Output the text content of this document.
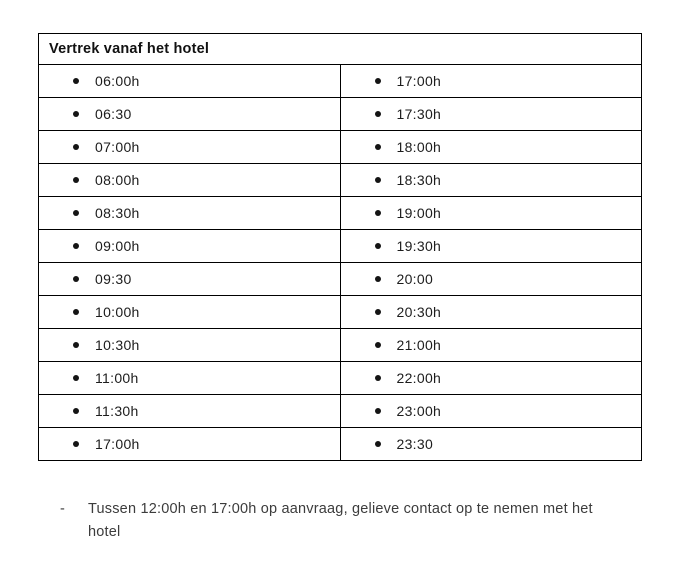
Vertrek vanaf het hotel	

06:00h	17:00h

06:30	17:30h

07:00h	18:00h

08:00h	18:30h

08:30h	19:00h

09:00h	19:30h

09:30	20:00

10:00h	20:30h

10:30h	21:00h

11:00h	22:00h

11:30h	23:00h

17:00h	23:30
-	Tussen 12:00h en 17:00h op aanvraag, gelieve contact op te nemen met het hotel
